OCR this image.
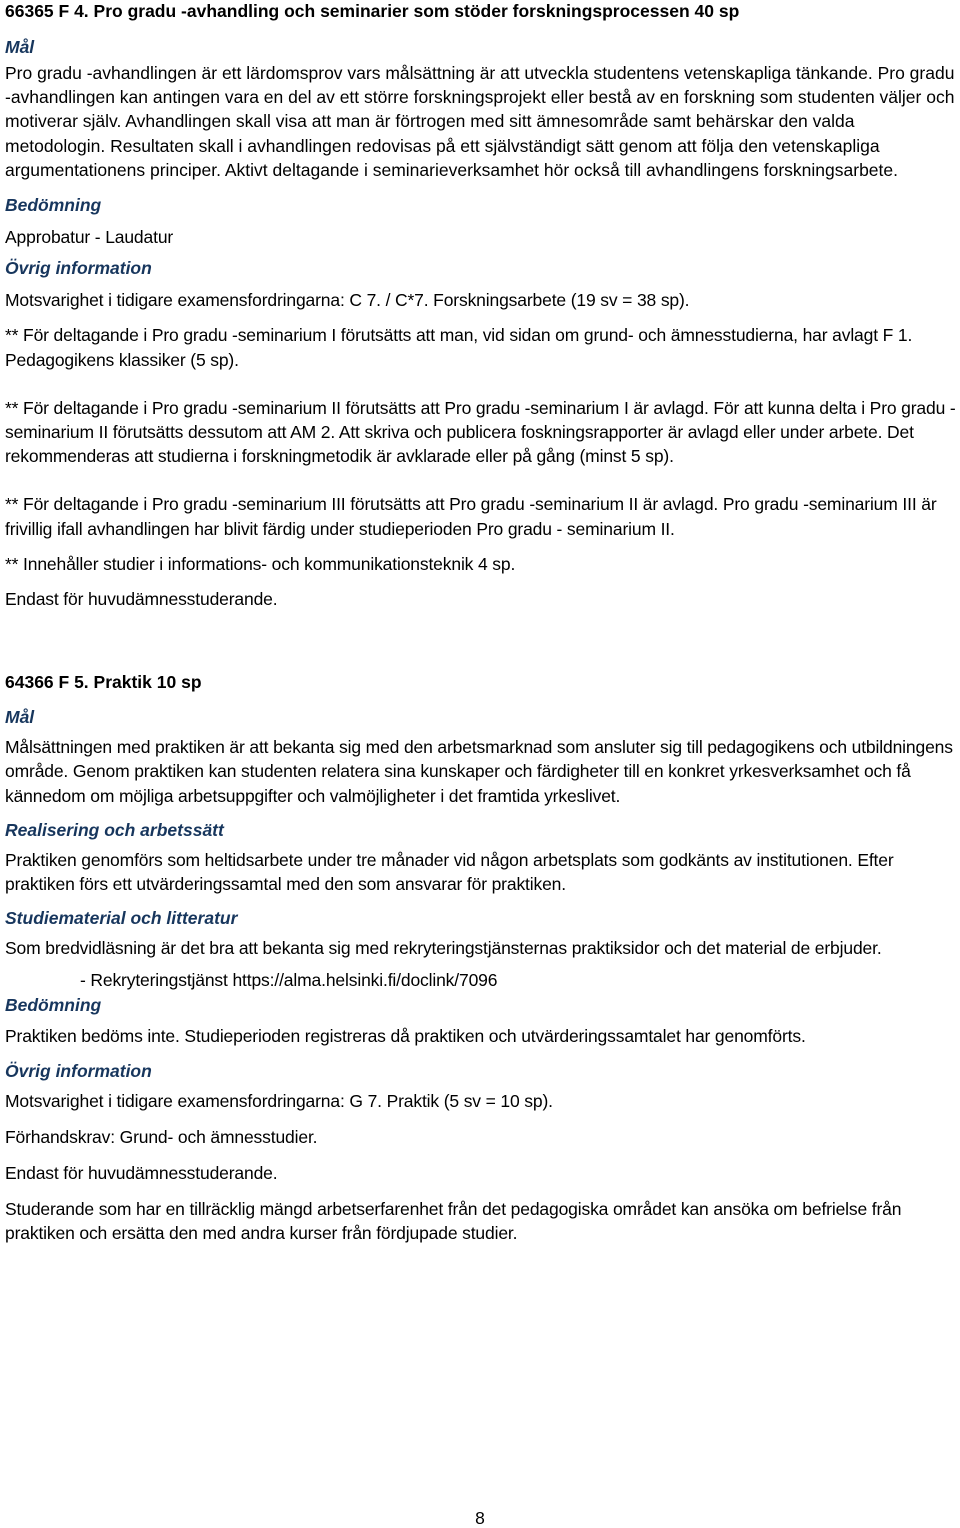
66365 F 4. Pro gradu -avhandling och seminarier som stöder forskningsprocessen 40 sp
Mål
Pro gradu -avhandlingen är ett lärdomsprov vars målsättning är att utveckla studentens vetenskapliga tänkande. Pro gradu -avhandlingen kan antingen vara en del av ett större forskningsprojekt eller bestå av en forskning som studenten väljer och motiverar själv. Avhandlingen skall visa att man är förtrogen med sitt ämnesområde samt behärskar den valda metodologin. Resultaten skall i avhandlingen redovisas på ett självständigt sätt genom att följa den vetenskapliga argumentationens principer. Aktivt deltagande i seminarieverksamhet hör också till avhandlingens forskningsarbete.
Bedömning
Approbatur - Laudatur
Övrig information
Motsvarighet i tidigare examensfordringarna: C 7. / C*7. Forskningsarbete (19 sv = 38 sp).
** För deltagande i Pro gradu -seminarium I förutsätts att man, vid sidan om grund- och ämnesstudierna, har avlagt F 1. Pedagogikens klassiker (5 sp).
** För deltagande i Pro gradu -seminarium II förutsätts att Pro gradu -seminarium I är avlagd. För att kunna delta i Pro gradu -seminarium II förutsätts dessutom att AM 2. Att skriva och publicera foskningsrapporter är avlagd eller under arbete. Det rekommenderas att studierna i forskningmetodik är avklarade eller på gång (minst 5 sp).
** För deltagande i Pro gradu -seminarium III förutsätts att Pro gradu -seminarium II är avlagd. Pro gradu -seminarium III är frivillig ifall avhandlingen har blivit färdig under studieperioden Pro gradu - seminarium II.
** Innehåller studier i informations- och kommunikationsteknik 4 sp.
Endast för huvudämnesstuderande.
64366 F 5. Praktik 10 sp
Mål
Målsättningen med praktiken är att bekanta sig med den arbetsmarknad som ansluter sig till pedagogikens och utbildningens område. Genom praktiken kan studenten relatera sina kunskaper och färdigheter till en konkret yrkesverksamhet och få kännedom om möjliga arbetsuppgifter och valmöjligheter i det framtida yrkeslivet.
Realisering och arbetssätt
Praktiken genomförs som heltidsarbete under tre månader vid någon arbetsplats som godkänts av institutionen. Efter praktiken förs ett utvärderingssamtal med den som ansvarar för praktiken.
Studiematerial och litteratur
Som bredvidläsning är det bra att bekanta sig med rekryteringstjänsternas praktiksidor och det material de erbjuder.
- Rekryteringstjänst https://alma.helsinki.fi/doclink/7096
Bedömning
Praktiken bedöms inte. Studieperioden registreras då praktiken och utvärderingssamtalet har genomförts.
Övrig information
Motsvarighet i tidigare examensfordringarna: G 7. Praktik (5 sv = 10 sp).
Förhandskrav: Grund- och ämnesstudier.
Endast för huvudämnesstuderande.
Studerande som har en tillräcklig mängd arbetserfarenhet från det pedagogiska området kan ansöka om befrielse från praktiken och ersätta den med andra kurser från fördjupade studier.
8
